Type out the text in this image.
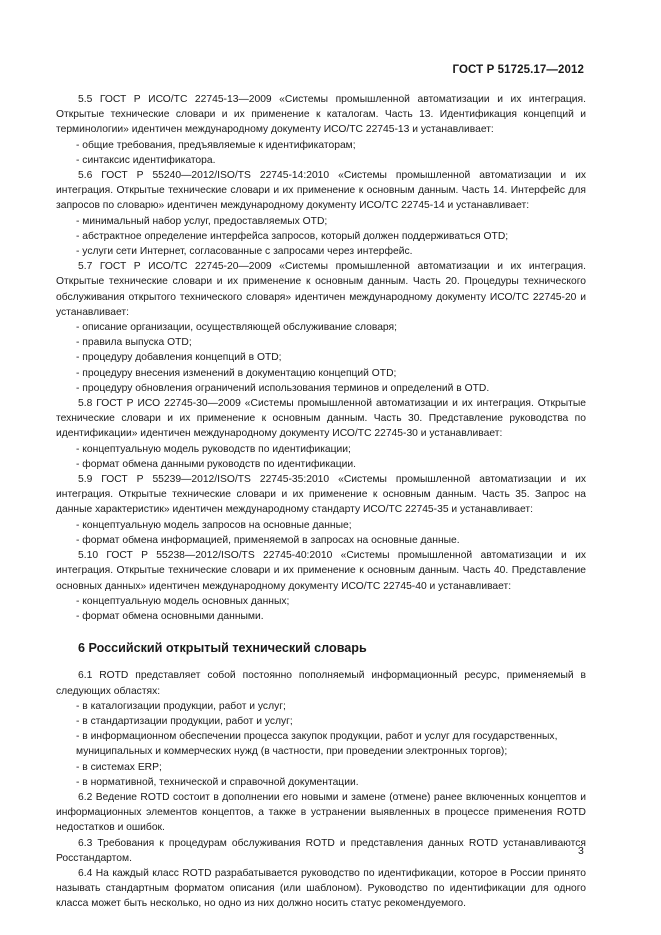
ГОСТ Р 51725.17—2012

5.5 ГОСТ Р ИСО/ТС 22745-13—2009 «Системы промышленной автоматизации и их интеграция. Открытые технические словари и их применение к каталогам. Часть 13. Идентификация концепций и терминологии» идентичен международному документу ИСО/ТС 22745-13 и устанавливает:

- общие требования, предъявляемые к идентификаторам;

- синтаксис идентификатора.

5.6 ГОСТ Р 55240—2012/ISO/TS 22745-14:2010 «Системы промышленной автоматизации и их интеграция. Открытые технические словари и их применение к основным данным. Часть 14. Интерфейс для запросов по словарю» идентичен международному документу ИСО/ТС 22745-14 и устанавливает:

- минимальный набор услуг, предоставляемых OTD;

- абстрактное определение интерфейса запросов, который должен поддерживаться OTD;

- услуги сети Интернет, согласованные с запросами через интерфейс.

5.7 ГОСТ Р ИСО/ТС 22745-20—2009 «Системы промышленной автоматизации и их интеграция. Открытые технические словари и их применение к основным данным. Часть 20. Процедуры технического обслуживания открытого технического словаря» идентичен международному документу ИСО/ТС 22745-20 и устанавливает:

- описание организации, осуществляющей обслуживание словаря;

- правила выпуска OTD;

- процедуру добавления концепций в OTD;

- процедуру внесения изменений в документацию концепций OTD;

- процедуру обновления ограничений использования терминов и определений в OTD.

5.8 ГОСТ Р ИСО 22745-30—2009 «Системы промышленной автоматизации и их интеграция. Открытые технические словари и их применение к основным данным. Часть 30. Представление руководства по идентификации» идентичен международному документу ИСО/ТС 22745-30 и устанавливает:

- концептуальную модель руководств по идентификации;

- формат обмена данными руководств по идентификации.

5.9 ГОСТ Р 55239—2012/ISO/TS 22745-35:2010 «Системы промышленной автоматизации и их интеграция. Открытые технические словари и их применение к основным данным. Часть 35. Запрос на данные характеристик» идентичен международному стандарту ИСО/ТС 22745-35 и устанавливает:

- концептуальную модель запросов на основные данные;

- формат обмена информацией, применяемой в запросах на основные данные.

5.10 ГОСТ Р 55238—2012/ISO/TS 22745-40:2010 «Системы промышленной автоматизации и их интеграция. Открытые технические словари и их применение к основным данным. Часть 40. Представление основных данных» идентичен международному документу ИСО/ТС 22745-40 и устанавливает:

- концептуальную модель основных данных;

- формат обмена основными данными.

6 Российский открытый технический словарь

6.1 ROTD представляет собой постоянно пополняемый информационный ресурс, применяемый в следующих областях:

- в каталогизации продукции, работ и услуг;

- в стандартизации продукции, работ и услуг;

- в информационном обеспечении процесса закупок продукции, работ и услуг для государственных, муниципальных и коммерческих нужд (в частности, при проведении электронных торгов);

- в системах ERP;

- в нормативной, технической и справочной документации.

6.2 Ведение ROTD состоит в дополнении его новыми и замене (отмене) ранее включенных концептов и информационных элементов концептов, а также в устранении выявленных в процессе применения ROTD недостатков и ошибок.

6.3 Требования к процедурам обслуживания ROTD и представления данных ROTD устанавливаются Росстандартом.

6.4 На каждый класс ROTD разрабатывается руководство по идентификации, которое в России принято называть стандартным форматом описания (или шаблоном). Руководство по идентификации для одного класса может быть несколько, но одно из них должно носить статус рекомендуемого.

3
